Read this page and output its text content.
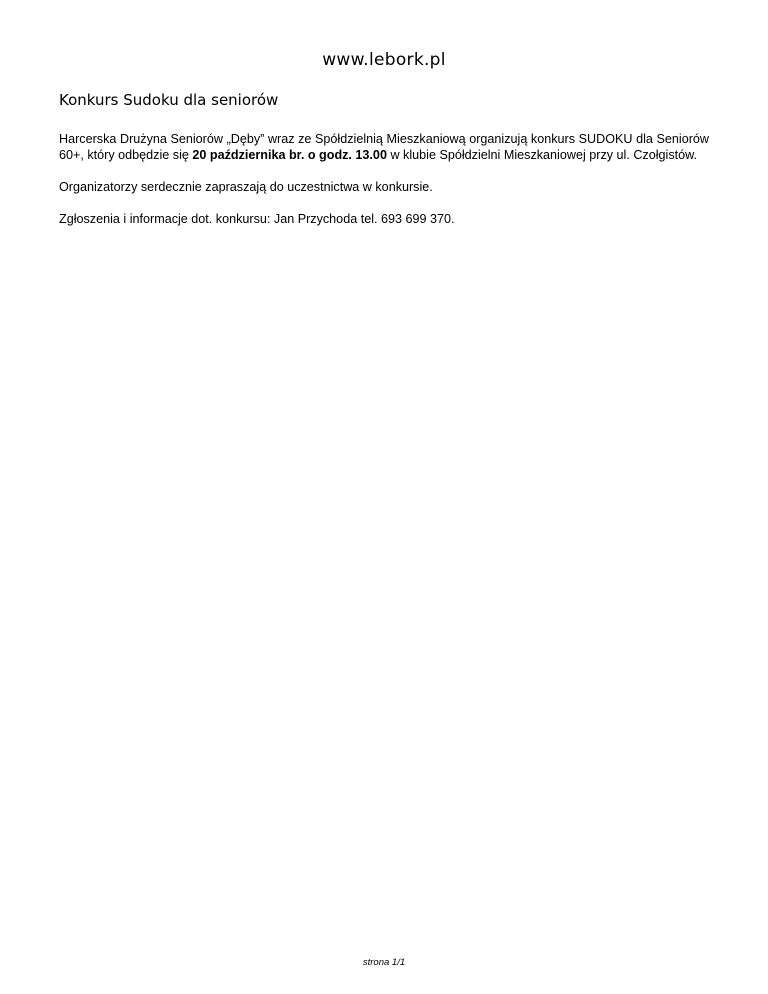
www.lebork.pl
Konkurs Sudoku dla seniorów

Harcerska Drużyna Seniorów „Dęby” wraz ze Spółdzielnią Mieszkaniową organizują konkurs SUDOKU dla Seniorów 60+, który odbędzie się 20 października br. o godz. 13.00 w klubie Spółdzielni Mieszkaniowej przy ul. Czołgistów.

Organizatorzy serdecznie zapraszają do uczestnictwa w konkursie.

Zgłoszenia i informacje dot. konkursu: Jan Przychoda tel. 693 699 370.

strona 1/1
